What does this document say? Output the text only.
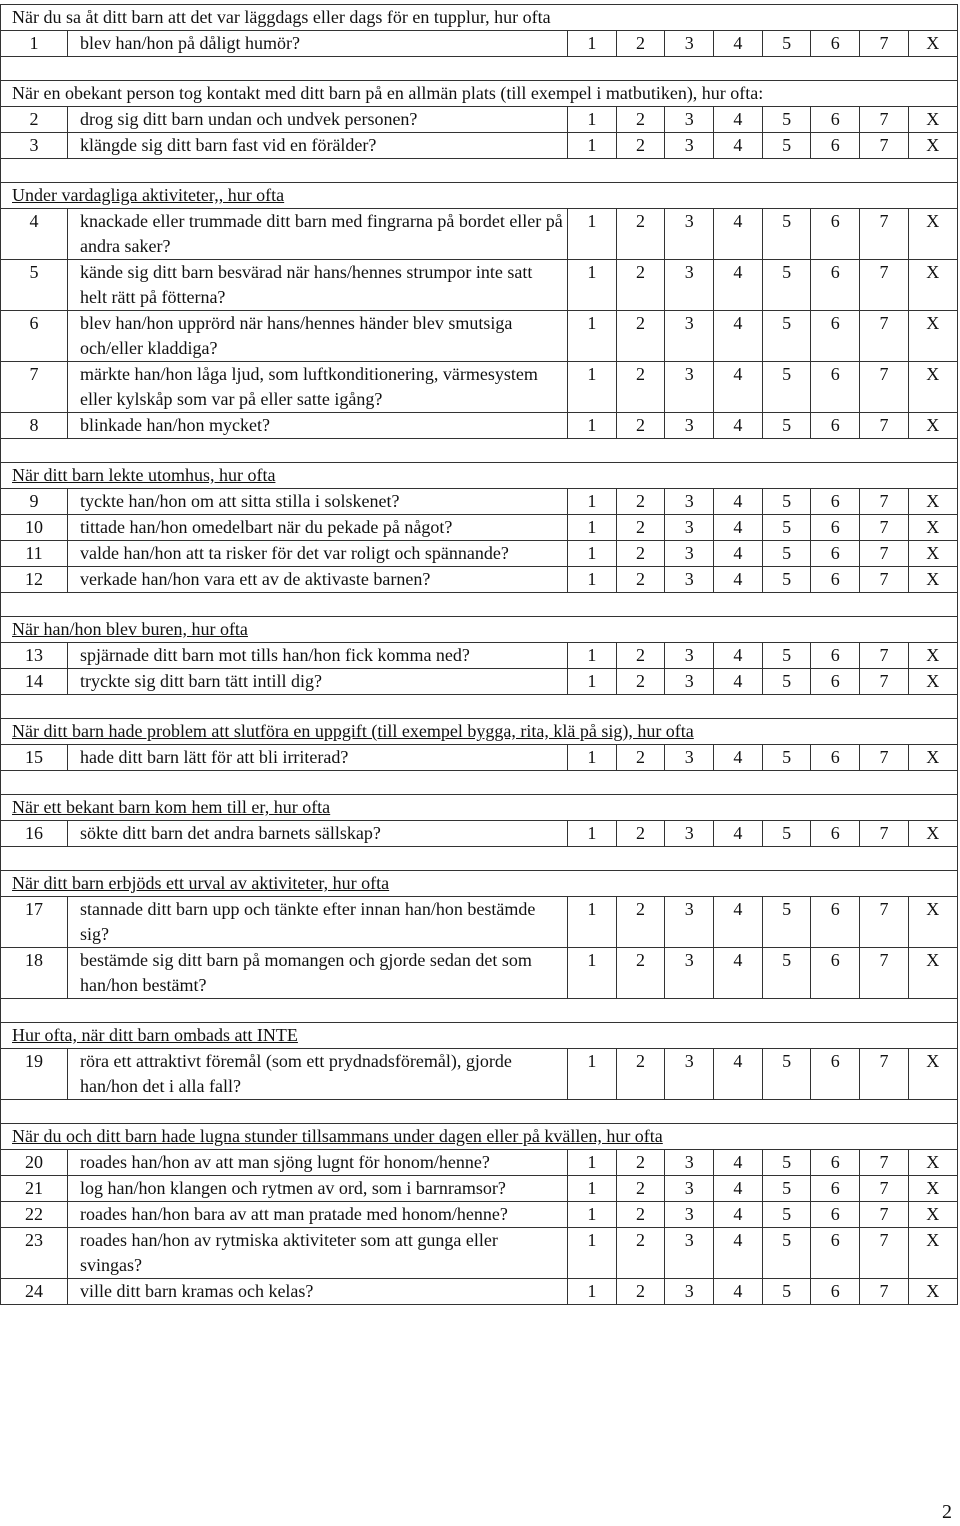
När du sa åt ditt barn att det var läggdags eller dags för en tupplur, hur ofta									
1	blev han/hon på dåligt humör?	1	2	3	4	5	6	7	X

När en obekant person tog kontakt med ditt barn på en allmän plats (till exempel i matbutiken), hur ofta:									
2	drog sig ditt barn undan och undvek personen?	1	2	3	4	5	6	7	X
3	klängde sig ditt barn fast vid en förälder?	1	2	3	4	5	6	7	X

Under vardagliga aktiviteter,, hur ofta									
4	knackade eller trummade ditt barn med fingrarna på bordet eller på andra saker?	1	2	3	4	5	6	7	X
5	kände sig ditt barn besvärad när hans/hennes strumpor inte satt helt rätt på fötterna?	1	2	3	4	5	6	7	X
6	blev han/hon upprörd när hans/hennes händer blev smutsiga och/eller kladdiga?	1	2	3	4	5	6	7	X
7	märkte han/hon låga ljud, som luftkonditionering, värmesystem eller kylskåp som var på eller satte igång?	1	2	3	4	5	6	7	X
8	blinkade han/hon mycket?	1	2	3	4	5	6	7	X

När ditt barn lekte utomhus, hur ofta									
9	tyckte han/hon om att sitta stilla i solskenet?	1	2	3	4	5	6	7	X
10	tittade han/hon omedelbart när du pekade på något?	1	2	3	4	5	6	7	X
11	valde han/hon att ta risker för det var roligt och spännande?	1	2	3	4	5	6	7	X
12	verkade han/hon vara ett av de aktivaste barnen?	1	2	3	4	5	6	7	X

När han/hon blev buren, hur ofta									
13	spjärnade ditt barn mot tills han/hon fick komma ned?	1	2	3	4	5	6	7	X
14	tryckte sig ditt barn tätt intill dig?	1	2	3	4	5	6	7	X

När ditt barn hade problem att slutföra en uppgift (till exempel bygga, rita, klä på sig), hur ofta									
15	hade ditt barn lätt för att bli irriterad?	1	2	3	4	5	6	7	X

När ett bekant barn kom hem till er, hur ofta									
16	sökte ditt barn det andra barnets sällskap?	1	2	3	4	5	6	7	X

När ditt barn erbjöds ett urval av aktiviteter, hur ofta									
17	stannade ditt barn upp och tänkte efter innan han/hon bestämde sig?	1	2	3	4	5	6	7	X
18	bestämde sig ditt barn på momangen och gjorde sedan det som han/hon bestämt?	1	2	3	4	5	6	7	X

Hur ofta, när ditt barn ombads att INTE									
19	röra ett attraktivt föremål (som ett prydnadsföremål), gjorde han/hon det i alla fall?	1	2	3	4	5	6	7	X

När du och ditt barn hade lugna stunder tillsammans under dagen eller på kvällen, hur ofta									
20	roades han/hon av att man sjöng lugnt för honom/henne?	1	2	3	4	5	6	7	X
21	log han/hon klangen och rytmen av ord, som i barnramsor?	1	2	3	4	5	6	7	X
22	roades han/hon bara av att man pratade med honom/henne?	1	2	3	4	5	6	7	X
23	roades han/hon av rytmiska aktiviteter som att gunga eller svingas?	1	2	3	4	5	6	7	X
24	ville ditt barn kramas och kelas?	1	2	3	4	5	6	7	X
2
